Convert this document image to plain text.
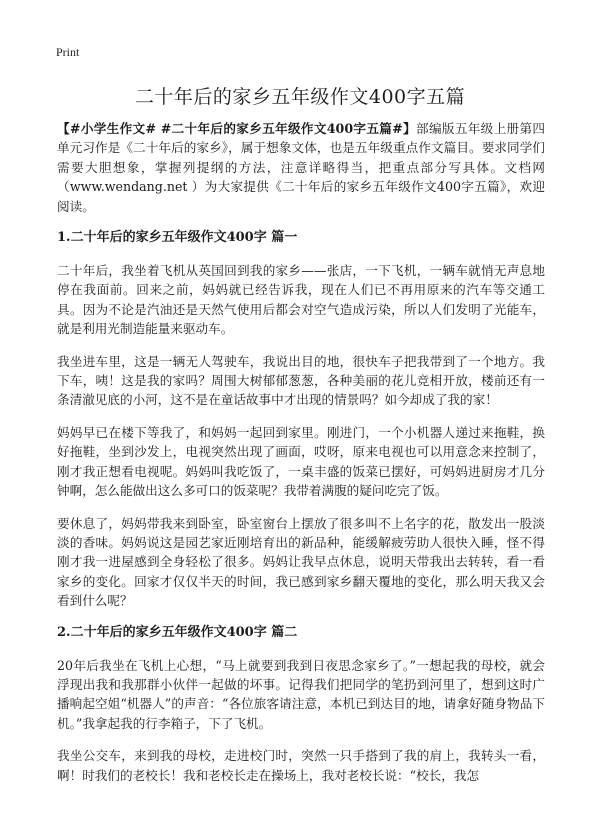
Print
二十年后的家乡五年级作文400字五篇

【#小学生作文# #二十年后的家乡五年级作文400字五篇#】部编版五年级上册第四单元习作是《二十年后的家乡》，属于想象文体，也是五年级重点作文篇目。要求同学们需要大胆想象，掌握列提纲的方法，注意详略得当，把重点部分写具体。文档网（www.wendang.net ）为大家提供《二十年后的家乡五年级作文400字五篇》，欢迎阅读。

1.二十年后的家乡五年级作文400字 篇一

二十年后，我坐着飞机从英国回到我的家乡——张店，一下飞机，一辆车就悄无声息地停在我面前。回来之前，妈妈就已经告诉我，现在人们已不再用原来的汽车等交通工具。因为不论是汽油还是天然气使用后都会对空气造成污染，所以人们发明了光能车，就是利用光制造能量来驱动车。

我坐进车里，这是一辆无人驾驶车，我说出目的地，很快车子把我带到了一个地方。我下车，咦！这是我的家吗？周围大树郁郁葱葱，各种美丽的花儿竞相开放，楼前还有一条清澈见底的小河，这不是在童话故事中才出现的情景吗？如今却成了我的家！

妈妈早已在楼下等我了，和妈妈一起回到家里。刚进门，一个小机器人递过来拖鞋，换好拖鞋，坐到沙发上，电视突然出现了画面，哎呀，原来电视也可以用意念来控制了，刚才我正想看电视呢。妈妈叫我吃饭了，一桌丰盛的饭菜已摆好，可妈妈进厨房才几分钟啊，怎么能做出这么多可口的饭菜呢？我带着满腹的疑问吃完了饭。

要休息了，妈妈带我来到卧室，卧室窗台上摆放了很多叫不上名字的花，散发出一股淡淡的香味。妈妈说这是园艺家近刚培育出的新品种，能缓解疲劳助人很快入睡，怪不得刚才我一进屋感到全身轻松了很多。妈妈让我早点休息，说明天带我出去转转，看一看家乡的变化。回家才仅仅半天的时间，我已感到家乡翻天覆地的变化，那么明天我又会看到什么呢？

2.二十年后的家乡五年级作文400字 篇二

20年后我坐在飞机上心想，“马上就要到我到日夜思念家乡了。”一想起我的母校，就会浮现出我和我那群小伙伴一起做的坏事。记得我们把同学的笔扔到河里了，想到这时广播响起空姐“机器人”的声音：“各位旅客请注意，本机已到达目的地，请拿好随身物品下机。”我拿起我的行李箱子，下了飞机。

我坐公交车，来到我的母校，走进校门时，突然一只手搭到了我的肩上，我转头一看，啊！时我们的老校长！我和老校长走在操场上，我对老校长说：“校长，我怎
